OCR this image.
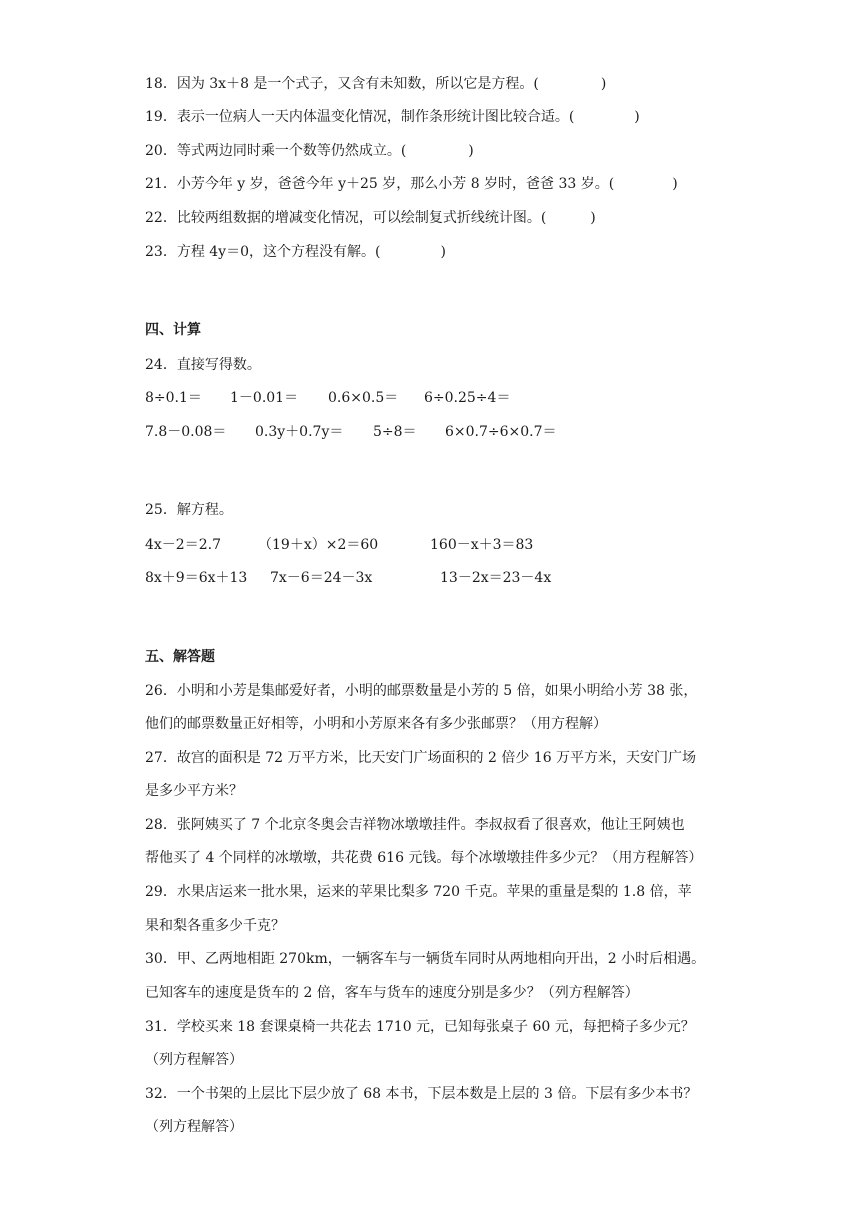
18．因为 3x＋8 是一个式子，又含有未知数，所以它是方程。(	)
19．表示一位病人一天内体温变化情况，制作条形统计图比较合适。(	)
20．等式两边同时乘一个数等仍然成立。(	)
21．小芳今年 y 岁，爸爸今年 y＋25 岁，那么小芳 8 岁时，爸爸 33 岁。(	)
22．比较两组数据的增减变化情况，可以绘制复式折线统计图。(	)
23．方程 4y＝0，这个方程没有解。(	)
四、计算
24．直接写得数。
8÷0.1＝ 1－0.01＝ 0.6×0.5＝ 6÷0.25÷4＝
7.8－0.08＝ 0.3y＋0.7y＝ 5÷8＝ 6×0.7÷6×0.7＝
25．解方程。
4x－2＝2.7	（19＋x）×2＝60	160－x＋3＝83
8x＋9＝6x＋13 7x－6＝24－3x	13－2x＝23－4x
五、解答题
26．小明和小芳是集邮爱好者，小明的邮票数量是小芳的 5 倍，如果小明给小芳 38 张，
他们的邮票数量正好相等，小明和小芳原来各有多少张邮票？（用方程解）
27．故宫的面积是 72 万平方米，比天安门广场面积的 2 倍少 16 万平方米，天安门广场
是多少平方米？
28．张阿姨买了 7 个北京冬奥会吉祥物冰墩墩挂件。李叔叔看了很喜欢，他让王阿姨也
帮他买了 4 个同样的冰墩墩，共花费 616 元钱。每个冰墩墩挂件多少元？（用方程解答）
29．水果店运来一批水果，运来的苹果比梨多 720 千克。苹果的重量是梨的 1.8 倍，苹
果和梨各重多少千克？
30．甲、乙两地相距 270km，一辆客车与一辆货车同时从两地相向开出，2 小时后相遇。
已知客车的速度是货车的 2 倍，客车与货车的速度分别是多少？（列方程解答）
31．学校买来 18 套课桌椅一共花去 1710 元，已知每张桌子 60 元，每把椅子多少元？
（列方程解答）
32．一个书架的上层比下层少放了 68 本书，下层本数是上层的 3 倍。下层有多少本书？
（列方程解答）
